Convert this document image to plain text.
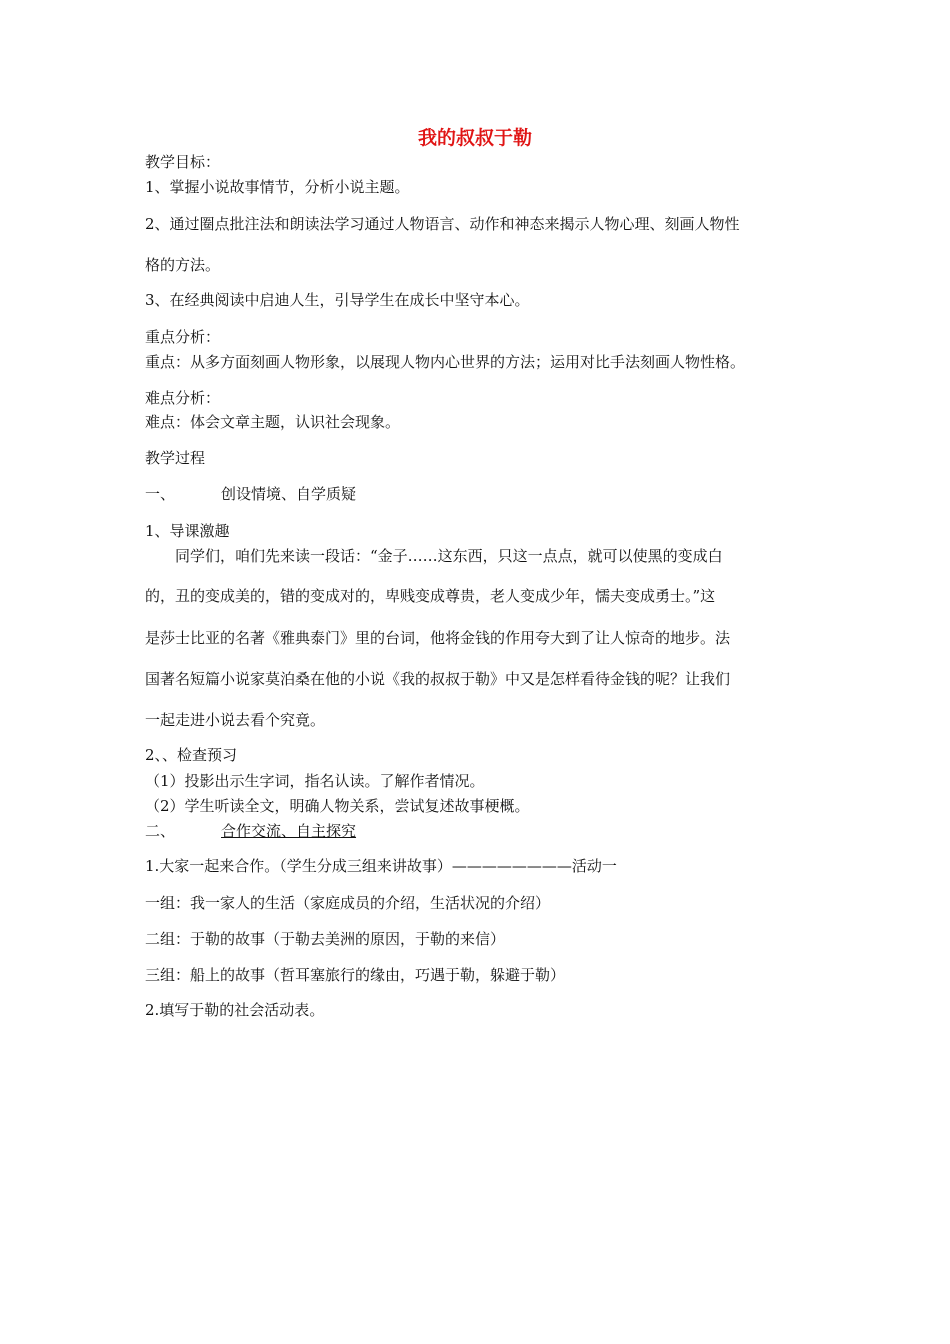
我的叔叔于勒
教学目标：
1、掌握小说故事情节，分析小说主题。
2、通过圈点批注法和朗读法学习通过人物语言、动作和神态来揭示人物心理、刻画人物性
格的方法。
3、在经典阅读中启迪人生，引导学生在成长中坚守本心。
重点分析：
重点：从多方面刻画人物形象，以展现人物内心世界的方法；运用对比手法刻画人物性格。
难点分析：
难点：体会文章主题，认识社会现象。
教学过程
一、	创设情境、自学质疑
1、导课激趣
　　同学们，咱们先来读一段话：“金子……这东西，只这一点点，就可以使黑的变成白
的，丑的变成美的，错的变成对的，卑贱变成尊贵，老人变成少年，懦夫变成勇士。”这
是莎士比亚的名著《雅典泰门》里的台词，他将金钱的作用夸大到了让人惊奇的地步。法
国著名短篇小说家莫泊桑在他的小说《我的叔叔于勒》中又是怎样看待金钱的呢？让我们
一起走进小说去看个究竟。
2、、检查预习
（1）投影出示生字词，指名认读。了解作者情况。
（2）学生听读全文，明确人物关系，尝试复述故事梗概。
二、	合作交流、自主探究
1.大家一起来合作。（学生分成三组来讲故事）————————活动一
一组：我一家人的生活（家庭成员的介绍，生活状况的介绍）
二组：于勒的故事（于勒去美洲的原因，于勒的来信）
三组：船上的故事（哲耳塞旅行的缘由，巧遇于勒，躲避于勒）
2.填写于勒的社会活动表。
